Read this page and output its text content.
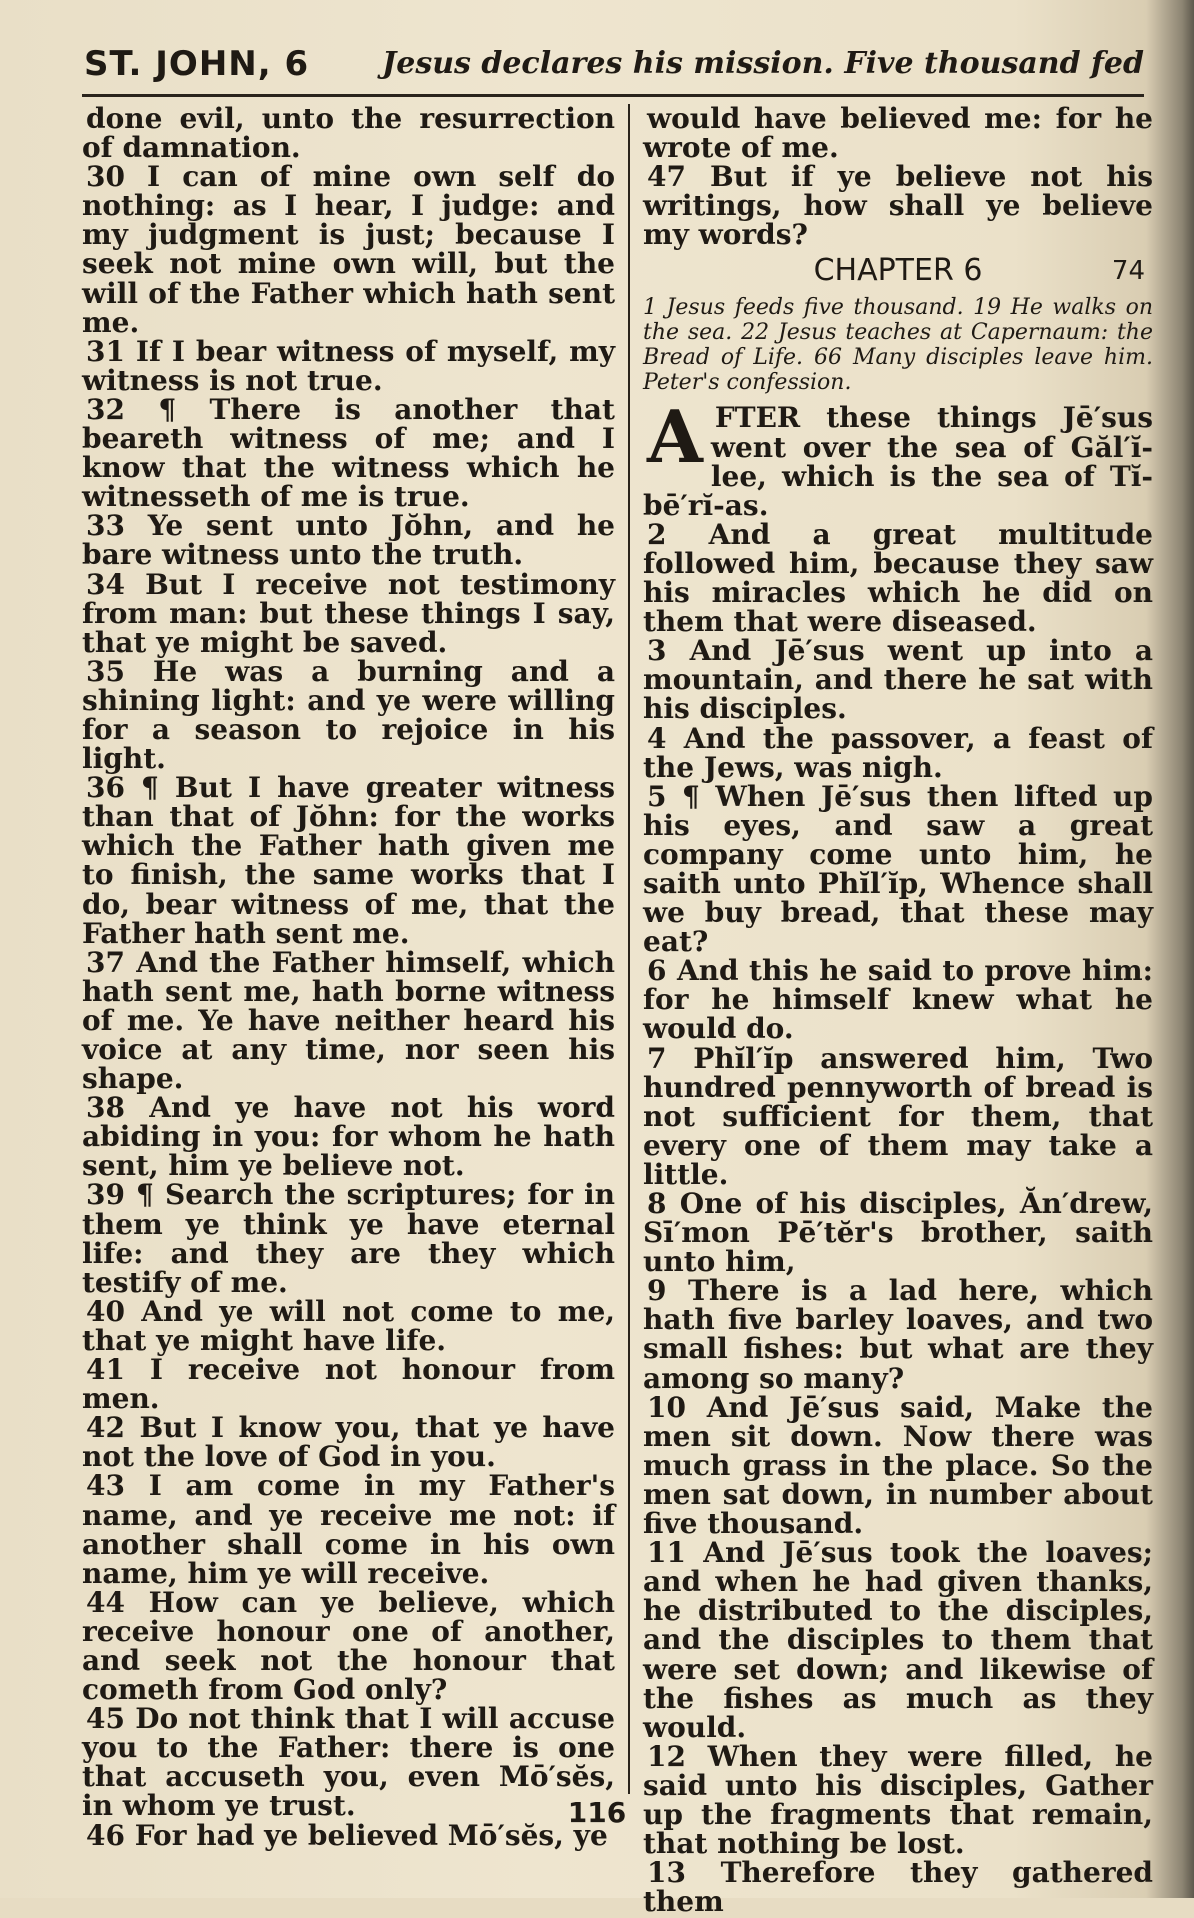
ST. JOHN, 6 Jesus declares his mission. Five thousand fed

done evil, unto the resurrection of damnation.

30 I can of mine own self do nothing: as I hear, I judge: and my judgment is just; because I seek not mine own will, but the will of the Father which hath sent me.

31 If I bear witness of myself, my witness is not true.

32 ¶ There is another that beareth witness of me; and I know that the witness which he witnesseth of me is true.

33 Ye sent unto Jŏhn, and he bare witness unto the truth.

34 But I receive not testimony from man: but these things I say, that ye might be saved.

35 He was a burning and a shining light: and ye were willing for a season to rejoice in his light.

36 ¶ But I have greater witness than that of Jŏhn: for the works which the Father hath given me to finish, the same works that I do, bear witness of me, that the Father hath sent me.

37 And the Father himself, which hath sent me, hath borne witness of me. Ye have neither heard his voice at any time, nor seen his shape.

38 And ye have not his word abiding in you: for whom he hath sent, him ye believe not.

39 ¶ Search the scriptures; for in them ye think ye have eternal life: and they are they which testify of me.

40 And ye will not come to me, that ye might have life.

41 I receive not honour from men.

42 But I know you, that ye have not the love of God in you.

43 I am come in my Father's name, and ye receive me not: if another shall come in his own name, him ye will receive.

44 How can ye believe, which receive honour one of another, and seek not the honour that cometh from God only?

45 Do not think that I will accuse you to the Father: there is one that accuseth you, even Mō′sĕs, in whom ye trust.

46 For had ye believed Mō′sĕs, ye

would have believed me: for he wrote of me.

47 But if ye believe not his writings, how shall ye believe my words?

CHAPTER 6	74

1 Jesus feeds five thousand. 19 He walks on the sea. 22 Jesus teaches at Capernaum: the Bread of Life. 66 Many disciples leave him. Peter's confession.

A FTER these things Jē′sus went over the sea of Găl′ĭ-lee, which is the sea of Tĭ-bē′rĭ-as.

2 And a great multitude followed him, because they saw his miracles which he did on them that were diseased.

3 And Jē′sus went up into a mountain, and there he sat with his disciples.

4 And the passover, a feast of the Jews, was nigh.

5 ¶ When Jē′sus then lifted up his eyes, and saw a great company come unto him, he saith unto Phĭl′ĭp, Whence shall we buy bread, that these may eat?

6 And this he said to prove him: for he himself knew what he would do.

7 Phĭl′ĭp answered him, Two hundred pennyworth of bread is not sufficient for them, that every one of them may take a little.

8 One of his disciples, Ăn′drew, Sī′mon Pē′tĕr's brother, saith unto him,

9 There is a lad here, which hath five barley loaves, and two small fishes: but what are they among so many?

10 And Jē′sus said, Make the men sit down. Now there was much grass in the place. So the men sat down, in number about five thousand.

11 And Jē′sus took the loaves; and when he had given thanks, he distributed to the disciples, and the disciples to them that were set down; and likewise of the fishes as much as they would.

12 When they were filled, he said unto his disciples, Gather up the fragments that remain, that nothing be lost.

13 Therefore they gathered them

116
